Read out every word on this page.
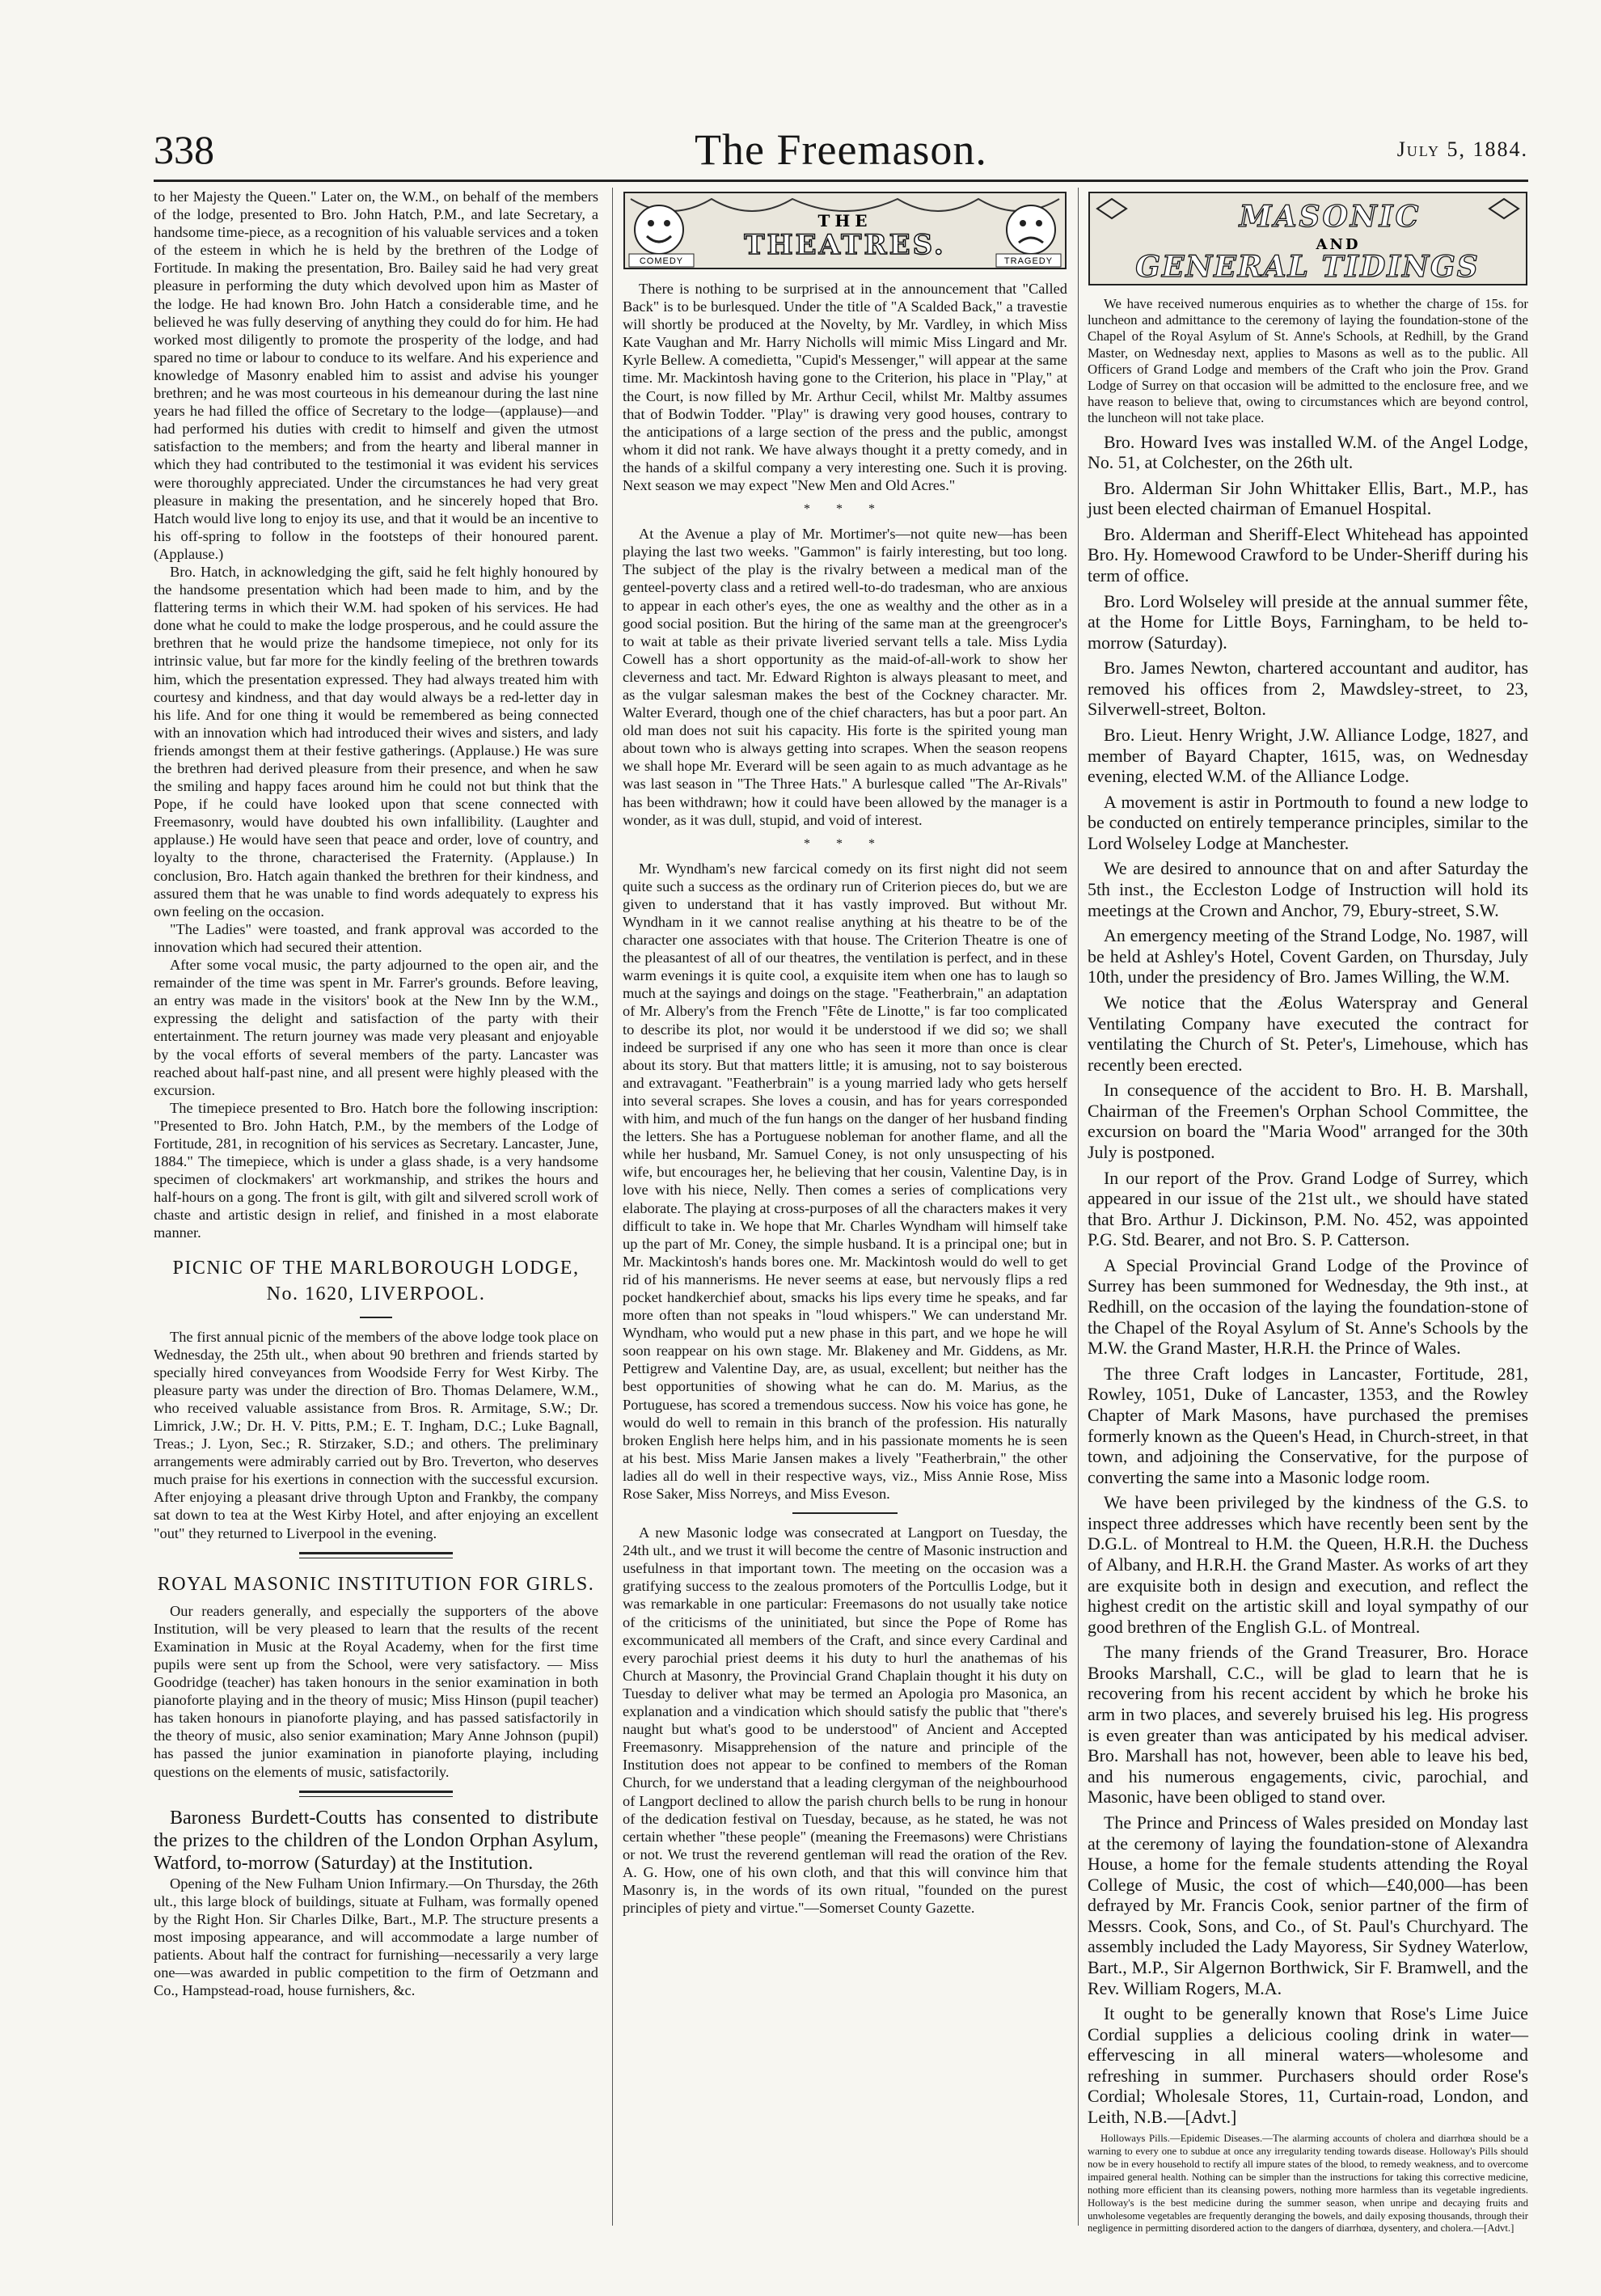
338	The Freemason.	July 5, 1884.

to her Majesty the Queen." Later on, the W.M., on behalf of the members of the lodge, presented to Bro. John Hatch, P.M., and late Secretary, a handsome time-piece, as a recognition of his valuable services and a token of the esteem in which he is held by the brethren of the Lodge of Fortitude. In making the presentation, Bro. Bailey said he had very great pleasure in performing the duty which devolved upon him as Master of the lodge. He had known Bro. John Hatch a considerable time, and he believed he was fully deserving of anything they could do for him. He had worked most diligently to promote the prosperity of the lodge, and had spared no time or labour to conduce to its welfare. And his experience and knowledge of Masonry enabled him to assist and advise his younger brethren; and he was most courteous in his demeanour during the last nine years he had filled the office of Secretary to the lodge—(applause)—and had performed his duties with credit to himself and given the utmost satisfaction to the members; and from the hearty and liberal manner in which they had contributed to the testimonial it was evident his services were thoroughly appreciated. Under the circumstances he had very great pleasure in making the presentation, and he sincerely hoped that Bro. Hatch would live long to enjoy its use, and that it would be an incentive to his off-spring to follow in the footsteps of their honoured parent. (Applause.)

Bro. Hatch, in acknowledging the gift, said he felt highly honoured by the handsome presentation which had been made to him, and by the flattering terms in which their W.M. had spoken of his services. He had done what he could to make the lodge prosperous, and he could assure the brethren that he would prize the handsome timepiece, not only for its intrinsic value, but far more for the kindly feeling of the brethren towards him, which the presentation expressed. They had always treated him with courtesy and kindness, and that day would always be a red-letter day in his life. And for one thing it would be remembered as being connected with an innovation which had introduced their wives and sisters, and lady friends amongst them at their festive gatherings. (Applause.) He was sure the brethren had derived pleasure from their presence, and when he saw the smiling and happy faces around him he could not but think that the Pope, if he could have looked upon that scene connected with Freemasonry, would have doubted his own infallibility. (Laughter and applause.) He would have seen that peace and order, love of country, and loyalty to the throne, characterised the Fraternity. (Applause.) In conclusion, Bro. Hatch again thanked the brethren for their kindness, and assured them that he was unable to find words adequately to express his own feeling on the occasion.

"The Ladies" were toasted, and frank approval was accorded to the innovation which had secured their attention.

After some vocal music, the party adjourned to the open air, and the remainder of the time was spent in Mr. Farrer's grounds. Before leaving, an entry was made in the visitors' book at the New Inn by the W.M., expressing the delight and satisfaction of the party with their entertainment. The return journey was made very pleasant and enjoyable by the vocal efforts of several members of the party. Lancaster was reached about half-past nine, and all present were highly pleased with the excursion.

The timepiece presented to Bro. Hatch bore the following inscription: "Presented to Bro. John Hatch, P.M., by the members of the Lodge of Fortitude, 281, in recognition of his services as Secretary. Lancaster, June, 1884." The timepiece, which is under a glass shade, is a very handsome specimen of clockmakers' art workmanship, and strikes the hours and half-hours on a gong. The front is gilt, with gilt and silvered scroll work of chaste and artistic design in relief, and finished in a most elaborate manner.

PICNIC OF THE MARLBOROUGH LODGE, No. 1620, LIVERPOOL.

The first annual picnic of the members of the above lodge took place on Wednesday, the 25th ult., when about 90 brethren and friends started by specially hired conveyances from Woodside Ferry for West Kirby. The pleasure party was under the direction of Bro. Thomas Delamere, W.M., who received valuable assistance from Bros. R. Armitage, S.W.; Dr. Limrick, J.W.; Dr. H. V. Pitts, P.M.; E. T. Ingham, D.C.; Luke Bagnall, Treas.; J. Lyon, Sec.; R. Stirzaker, S.D.; and others. The preliminary arrangements were admirably carried out by Bro. Treverton, who deserves much praise for his exertions in connection with the successful excursion. After enjoying a pleasant drive through Upton and Frankby, the company sat down to tea at the West Kirby Hotel, and after enjoying an excellent "out" they returned to Liverpool in the evening.

ROYAL MASONIC INSTITUTION FOR GIRLS.

Our readers generally, and especially the supporters of the above Institution, will be very pleased to learn that the results of the recent Examination in Music at the Royal Academy, when for the first time pupils were sent up from the School, were very satisfactory. — Miss Goodridge (teacher) has taken honours in the senior examination in both pianoforte playing and in the theory of music; Miss Hinson (pupil teacher) has taken honours in pianoforte playing, and has passed satisfactorily in the theory of music, also senior examination; Mary Anne Johnson (pupil) has passed the junior examination in pianoforte playing, including questions on the elements of music, satisfactorily.

Baroness Burdett-Coutts has consented to distribute the prizes to the children of the London Orphan Asylum, Watford, to-morrow (Saturday) at the Institution.

Opening of the New Fulham Union Infirmary.—On Thursday, the 26th ult., this large block of buildings, situate at Fulham, was formally opened by the Right Hon. Sir Charles Dilke, Bart., M.P. The structure presents a most imposing appearance, and will accommodate a large number of patients. About half the contract for furnishing—necessarily a very large one—was awarded in public competition to the firm of Oetzmann and Co., Hampstead-road, house furnishers, &c.

THE
THEATRES.
COMEDY	TRAGEDY

There is nothing to be surprised at in the announcement that "Called Back" is to be burlesqued. Under the title of "A Scalded Back," a travestie will shortly be produced at the Novelty, by Mr. Vardley, in which Miss Kate Vaughan and Mr. Harry Nicholls will mimic Miss Lingard and Mr. Kyrle Bellew. A comedietta, "Cupid's Messenger," will appear at the same time. Mr. Mackintosh having gone to the Criterion, his place in "Play," at the Court, is now filled by Mr. Arthur Cecil, whilst Mr. Maltby assumes that of Bodwin Todder. "Play" is drawing very good houses, contrary to the anticipations of a large section of the press and the public, amongst whom it did not rank. We have always thought it a pretty comedy, and in the hands of a skilful company a very interesting one. Such it is proving. Next season we may expect "New Men and Old Acres."

* * *

At the Avenue a play of Mr. Mortimer's—not quite new—has been playing the last two weeks. "Gammon" is fairly interesting, but too long. The subject of the play is the rivalry between a medical man of the genteel-poverty class and a retired well-to-do tradesman, who are anxious to appear in each other's eyes, the one as wealthy and the other as in a good social position. But the hiring of the same man at the greengrocer's to wait at table as their private liveried servant tells a tale. Miss Lydia Cowell has a short opportunity as the maid-of-all-work to show her cleverness and tact. Mr. Edward Righton is always pleasant to meet, and as the vulgar salesman makes the best of the Cockney character. Mr. Walter Everard, though one of the chief characters, has but a poor part. An old man does not suit his capacity. His forte is the spirited young man about town who is always getting into scrapes. When the season reopens we shall hope Mr. Everard will be seen again to as much advantage as he was last season in "The Three Hats." A burlesque called "The Ar-Rivals" has been withdrawn; how it could have been allowed by the manager is a wonder, as it was dull, stupid, and void of interest.

* * *

Mr. Wyndham's new farcical comedy on its first night did not seem quite such a success as the ordinary run of Criterion pieces do, but we are given to understand that it has vastly improved. But without Mr. Wyndham in it we cannot realise anything at his theatre to be of the character one associates with that house. The Criterion Theatre is one of the pleasantest of all of our theatres, the ventilation is perfect, and in these warm evenings it is quite cool, a exquisite item when one has to laugh so much at the sayings and doings on the stage. "Featherbrain," an adaptation of Mr. Albery's from the French "Fête de Linotte," is far too complicated to describe its plot, nor would it be understood if we did so; we shall indeed be surprised if any one who has seen it more than once is clear about its story. But that matters little; it is amusing, not to say boisterous and extravagant. "Featherbrain" is a young married lady who gets herself into several scrapes. She loves a cousin, and has for years corresponded with him, and much of the fun hangs on the danger of her husband finding the letters. She has a Portuguese nobleman for another flame, and all the while her husband, Mr. Samuel Coney, is not only unsuspecting of his wife, but encourages her, he believing that her cousin, Valentine Day, is in love with his niece, Nelly. Then comes a series of complications very elaborate. The playing at cross-purposes of all the characters makes it very difficult to take in. We hope that Mr. Charles Wyndham will himself take up the part of Mr. Coney, the simple husband. It is a principal one; but in Mr. Mackintosh's hands bores one. Mr. Mackintosh would do well to get rid of his mannerisms. He never seems at ease, but nervously flips a red pocket handkerchief about, smacks his lips every time he speaks, and far more often than not speaks in "loud whispers." We can understand Mr. Wyndham, who would put a new phase in this part, and we hope he will soon reappear on his own stage. Mr. Blakeney and Mr. Giddens, as Mr. Pettigrew and Valentine Day, are, as usual, excellent; but neither has the best opportunities of showing what he can do. M. Marius, as the Portuguese, has scored a tremendous success. Now his voice has gone, he would do well to remain in this branch of the profession. His naturally broken English here helps him, and in his passionate moments he is seen at his best. Miss Marie Jansen makes a lively "Featherbrain," the other ladies all do well in their respective ways, viz., Miss Annie Rose, Miss Rose Saker, Miss Norreys, and Miss Eveson.

A new Masonic lodge was consecrated at Langport on Tuesday, the 24th ult., and we trust it will become the centre of Masonic instruction and usefulness in that important town. The meeting on the occasion was a gratifying success to the zealous promoters of the Portcullis Lodge, but it was remarkable in one particular: Freemasons do not usually take notice of the criticisms of the uninitiated, but since the Pope of Rome has excommunicated all members of the Craft, and since every Cardinal and every parochial priest deems it his duty to hurl the anathemas of his Church at Masonry, the Provincial Grand Chaplain thought it his duty on Tuesday to deliver what may be termed an Apologia pro Masonica, an explanation and a vindication which should satisfy the public that "there's naught but what's good to be understood" of Ancient and Accepted Freemasonry. Misapprehension of the nature and principle of the Institution does not appear to be confined to members of the Roman Church, for we understand that a leading clergyman of the neighbourhood of Langport declined to allow the parish church bells to be rung in honour of the dedication festival on Tuesday, because, as he stated, he was not certain whether "these people" (meaning the Freemasons) were Christians or not. We trust the reverend gentleman will read the oration of the Rev. A. G. How, one of his own cloth, and that this will convince him that Masonry is, in the words of its own ritual, "founded on the purest principles of piety and virtue."—Somerset County Gazette.

MASONIC
AND
GENERAL TIDINGS

We have received numerous enquiries as to whether the charge of 15s. for luncheon and admittance to the ceremony of laying the foundation-stone of the Chapel of the Royal Asylum of St. Anne's Schools, at Redhill, by the Grand Master, on Wednesday next, applies to Masons as well as to the public. All Officers of Grand Lodge and members of the Craft who join the Prov. Grand Lodge of Surrey on that occasion will be admitted to the enclosure free, and we have reason to believe that, owing to circumstances which are beyond control, the luncheon will not take place.

Bro. Howard Ives was installed W.M. of the Angel Lodge, No. 51, at Colchester, on the 26th ult.

Bro. Alderman Sir John Whittaker Ellis, Bart., M.P., has just been elected chairman of Emanuel Hospital.

Bro. Alderman and Sheriff-Elect Whitehead has appointed Bro. Hy. Homewood Crawford to be Under-Sheriff during his term of office.

Bro. Lord Wolseley will preside at the annual summer fête, at the Home for Little Boys, Farningham, to be held to-morrow (Saturday).

Bro. James Newton, chartered accountant and auditor, has removed his offices from 2, Mawdsley-street, to 23, Silverwell-street, Bolton.

Bro. Lieut. Henry Wright, J.W. Alliance Lodge, 1827, and member of Bayard Chapter, 1615, was, on Wednesday evening, elected W.M. of the Alliance Lodge.

A movement is astir in Portmouth to found a new lodge to be conducted on entirely temperance principles, similar to the Lord Wolseley Lodge at Manchester.

We are desired to announce that on and after Saturday the 5th inst., the Eccleston Lodge of Instruction will hold its meetings at the Crown and Anchor, 79, Ebury-street, S.W.

An emergency meeting of the Strand Lodge, No. 1987, will be held at Ashley's Hotel, Covent Garden, on Thursday, July 10th, under the presidency of Bro. James Willing, the W.M.

We notice that the Æolus Waterspray and General Ventilating Company have executed the contract for ventilating the Church of St. Peter's, Limehouse, which has recently been erected.

In consequence of the accident to Bro. H. B. Marshall, Chairman of the Freemen's Orphan School Committee, the excursion on board the "Maria Wood" arranged for the 30th July is postponed.

In our report of the Prov. Grand Lodge of Surrey, which appeared in our issue of the 21st ult., we should have stated that Bro. Arthur J. Dickinson, P.M. No. 452, was appointed P.G. Std. Bearer, and not Bro. S. P. Catterson.

A Special Provincial Grand Lodge of the Province of Surrey has been summoned for Wednesday, the 9th inst., at Redhill, on the occasion of the laying the foundation-stone of the Chapel of the Royal Asylum of St. Anne's Schools by the M.W. the Grand Master, H.R.H. the Prince of Wales.

The three Craft lodges in Lancaster, Fortitude, 281, Rowley, 1051, Duke of Lancaster, 1353, and the Rowley Chapter of Mark Masons, have purchased the premises formerly known as the Queen's Head, in Church-street, in that town, and adjoining the Conservative, for the purpose of converting the same into a Masonic lodge room.

We have been privileged by the kindness of the G.S. to inspect three addresses which have recently been sent by the D.G.L. of Montreal to H.M. the Queen, H.R.H. the Duchess of Albany, and H.R.H. the Grand Master. As works of art they are exquisite both in design and execution, and reflect the highest credit on the artistic skill and loyal sympathy of our good brethren of the English G.L. of Montreal.

The many friends of the Grand Treasurer, Bro. Horace Brooks Marshall, C.C., will be glad to learn that he is recovering from his recent accident by which he broke his arm in two places, and severely bruised his leg. His progress is even greater than was anticipated by his medical adviser. Bro. Marshall has not, however, been able to leave his bed, and his numerous engagements, civic, parochial, and Masonic, have been obliged to stand over.

The Prince and Princess of Wales presided on Monday last at the ceremony of laying the foundation-stone of Alexandra House, a home for the female students attending the Royal College of Music, the cost of which—£40,000—has been defrayed by Mr. Francis Cook, senior partner of the firm of Messrs. Cook, Sons, and Co., of St. Paul's Churchyard. The assembly included the Lady Mayoress, Sir Sydney Waterlow, Bart., M.P., Sir Algernon Borthwick, Sir F. Bramwell, and the Rev. William Rogers, M.A.

It ought to be generally known that Rose's Lime Juice Cordial supplies a delicious cooling drink in water—effervescing in all mineral waters—wholesome and refreshing in summer. Purchasers should order Rose's Cordial; Wholesale Stores, 11, Curtain-road, London, and Leith, N.B.—[Advt.]

Holloways Pills.—Epidemic Diseases.—The alarming accounts of cholera and diarrhœa should be a warning to every one to subdue at once any irregularity tending towards disease. Holloway's Pills should now be in every household to rectify all impure states of the blood, to remedy weakness, and to overcome impaired general health. Nothing can be simpler than the instructions for taking this corrective medicine, nothing more efficient than its cleansing powers, nothing more harmless than its vegetable ingredients. Holloway's is the best medicine during the summer season, when unripe and decaying fruits and unwholesome vegetables are frequently deranging the bowels, and daily exposing thousands, through their negligence in permitting disordered action to the dangers of diarrhœa, dysentery, and cholera.—[Advt.]
